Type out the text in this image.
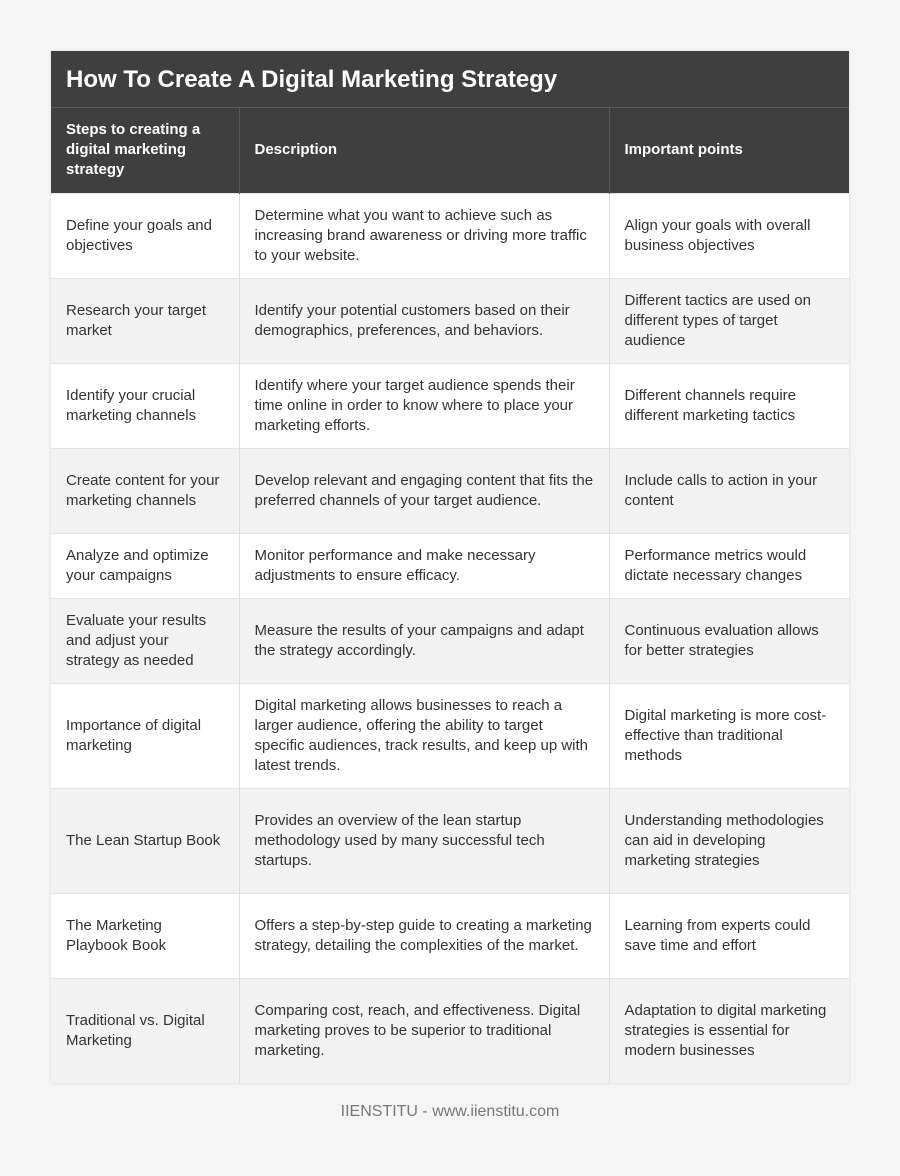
How To Create A Digital Marketing Strategy
Steps to creating a digital marketing strategy	Description	Important points
Define your goals and objectives	Determine what you want to achieve such as increasing brand awareness or driving more traffic to your website.	Align your goals with overall business objectives
Research your target market	Identify your potential customers based on their demographics, preferences, and behaviors.	Different tactics are used on different types of target audience
Identify your crucial marketing channels	Identify where your target audience spends their time online in order to know where to place your marketing efforts.	Different channels require different marketing tactics
Create content for your marketing channels	Develop relevant and engaging content that fits the preferred channels of your target audience.	Include calls to action in your content
Analyze and optimize your campaigns	Monitor performance and make necessary adjustments to ensure efficacy.	Performance metrics would dictate necessary changes
Evaluate your results and adjust your strategy as needed	Measure the results of your campaigns and adapt the strategy accordingly.	Continuous evaluation allows for better strategies
Importance of digital marketing	Digital marketing allows businesses to reach a larger audience, offering the ability to target specific audiences, track results, and keep up with latest trends.	Digital marketing is more cost-effective than traditional methods
The Lean Startup Book	Provides an overview of the lean startup methodology used by many successful tech startups.	Understanding methodologies can aid in developing marketing strategies
The Marketing Playbook Book	Offers a step-by-step guide to creating a marketing strategy, detailing the complexities of the market.	Learning from experts could save time and effort
Traditional vs. Digital Marketing	Comparing cost, reach, and effectiveness. Digital marketing proves to be superior to traditional marketing.	Adaptation to digital marketing strategies is essential for modern businesses
IIENSTITU - www.iienstitu.com
